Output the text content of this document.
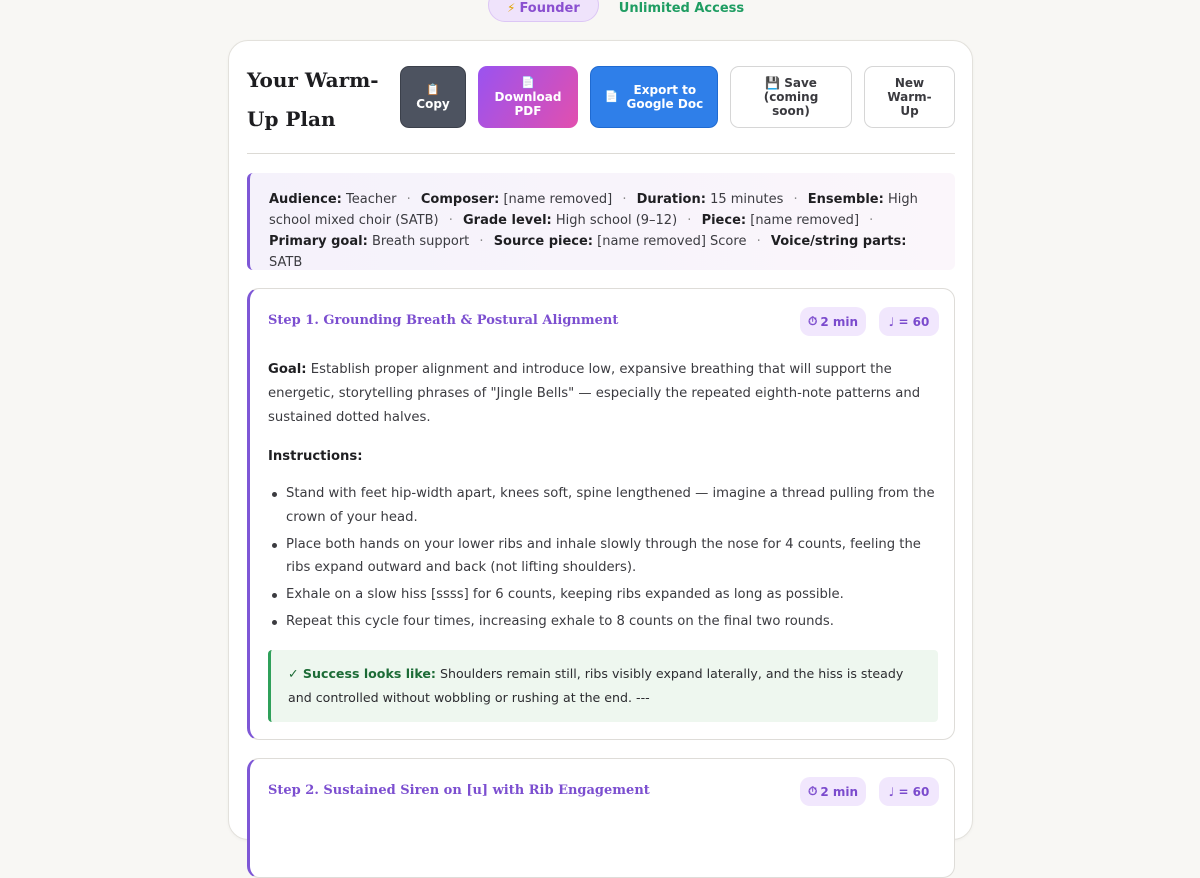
⚡ Founder	Unlimited Access
Your Warm-Up Plan
📋
Copy
📄
Download
PDF
📄	Export to
Google Doc
💾 Save
(coming
soon)
New
Warm-
Up
Audience: Teacher · Composer: [name removed] · Duration: 15 minutes · Ensemble: High school mixed choir (SATB) · Grade level: High school (9–12) · Piece: [name removed] · Primary goal: Breath support · Source piece: [name removed] Score · Voice/string parts: SATB
Step 1. Grounding Breath & Postural Alignment	⏱ 2 min	♩ = 60

Goal: Establish proper alignment and introduce low, expansive breathing that will support the energetic, storytelling phrases of "Jingle Bells" — especially the repeated eighth-note patterns and sustained dotted halves.

Instructions:
Stand with feet hip-width apart, knees soft, spine lengthened — imagine a thread pulling from the crown of your head.
Place both hands on your lower ribs and inhale slowly through the nose for 4 counts, feeling the ribs expand outward and back (not lifting shoulders).
Exhale on a slow hiss [ssss] for 6 counts, keeping ribs expanded as long as possible.
Repeat this cycle four times, increasing exhale to 8 counts on the final two rounds.
✓ Success looks like: Shoulders remain still, ribs visibly expand laterally, and the hiss is steady and controlled without wobbling or rushing at the end. ---
Step 2. Sustained Siren on [u] with Rib Engagement	⏱ 2 min	♩ = 60
